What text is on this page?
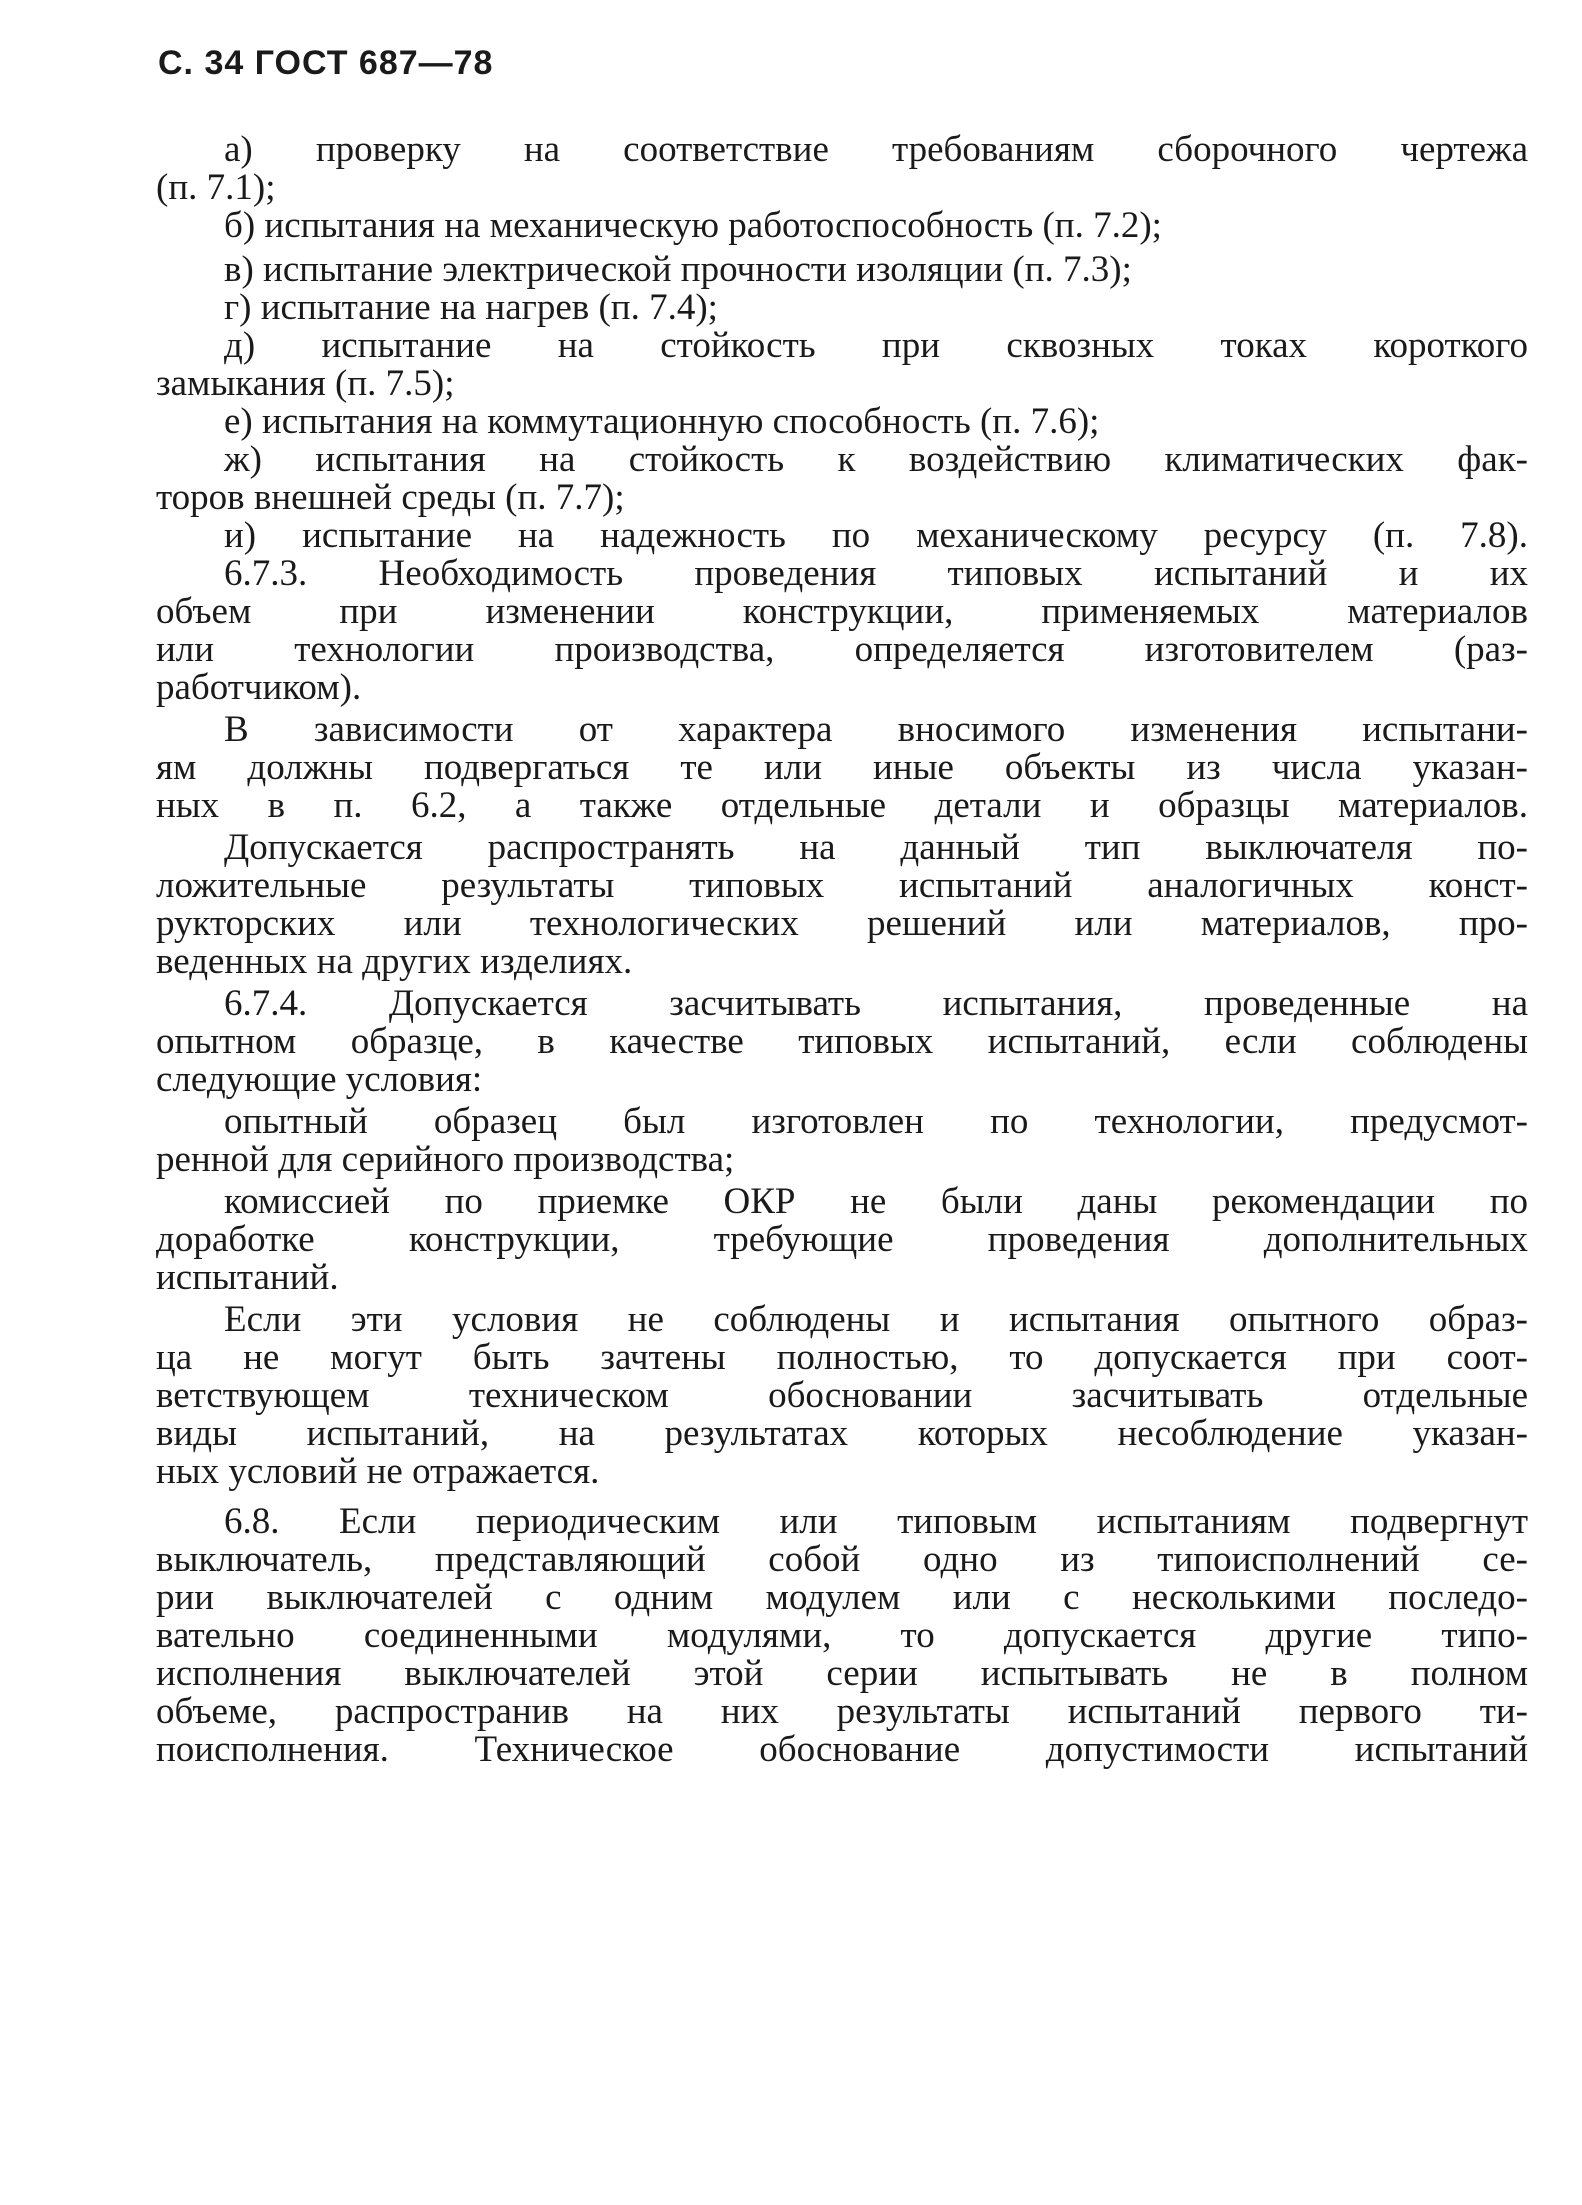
С. 34 ГОСТ 687—78
а) проверку на соответствие требованиям сборочного чертежа
(п. 7.1);
б) испытания на механическую работоспособность (п. 7.2);
в) испытание электрической прочности изоляции (п. 7.3);
г) испытание на нагрев (п. 7.4);
д) испытание на стойкость при сквозных токах короткого
замыкания (п. 7.5);
е) испытания на коммутационную способность (п. 7.6);
ж) испытания на стойкость к воздействию климатических фак-
торов внешней среды (п. 7.7);
и) испытание на надежность по механическому ресурсу (п. 7.8).
6.7.3. Необходимость проведения типовых испытаний и их
объем при изменении конструкции, применяемых материалов
или технологии производства, определяется изготовителем (раз-
работчиком).
В зависимости от характера вносимого изменения испытани-
ям должны подвергаться те или иные объекты из числа указан-
ных в п. 6.2, а также отдельные детали и образцы материалов.
Допускается распространять на данный тип выключателя по-
ложительные результаты типовых испытаний аналогичных конст-
рукторских или технологических решений или материалов, про-
веденных на других изделиях.
6.7.4. Допускается засчитывать испытания, проведенные на
опытном образце, в качестве типовых испытаний, если соблюдены
следующие условия:
опытный образец был изготовлен по технологии, предусмот-
ренной для серийного производства;
комиссией по приемке ОКР не были даны рекомендации по
доработке конструкции, требующие проведения дополнительных
испытаний.
Если эти условия не соблюдены и испытания опытного образ-
ца не могут быть зачтены полностью, то допускается при соот-
ветствующем техническом обосновании засчитывать отдельные
виды испытаний, на результатах которых несоблюдение указан-
ных условий не отражается.
6.8. Если периодическим или типовым испытаниям подвергнут
выключатель, представляющий собой одно из типоисполнений се-
рии выключателей с одним модулем или с несколькими последо-
вательно соединенными модулями, то допускается другие типо-
исполнения выключателей этой серии испытывать не в полном
объеме, распространив на них результаты испытаний первого ти-
поисполнения. Техническое обоснование допустимости испытаний
